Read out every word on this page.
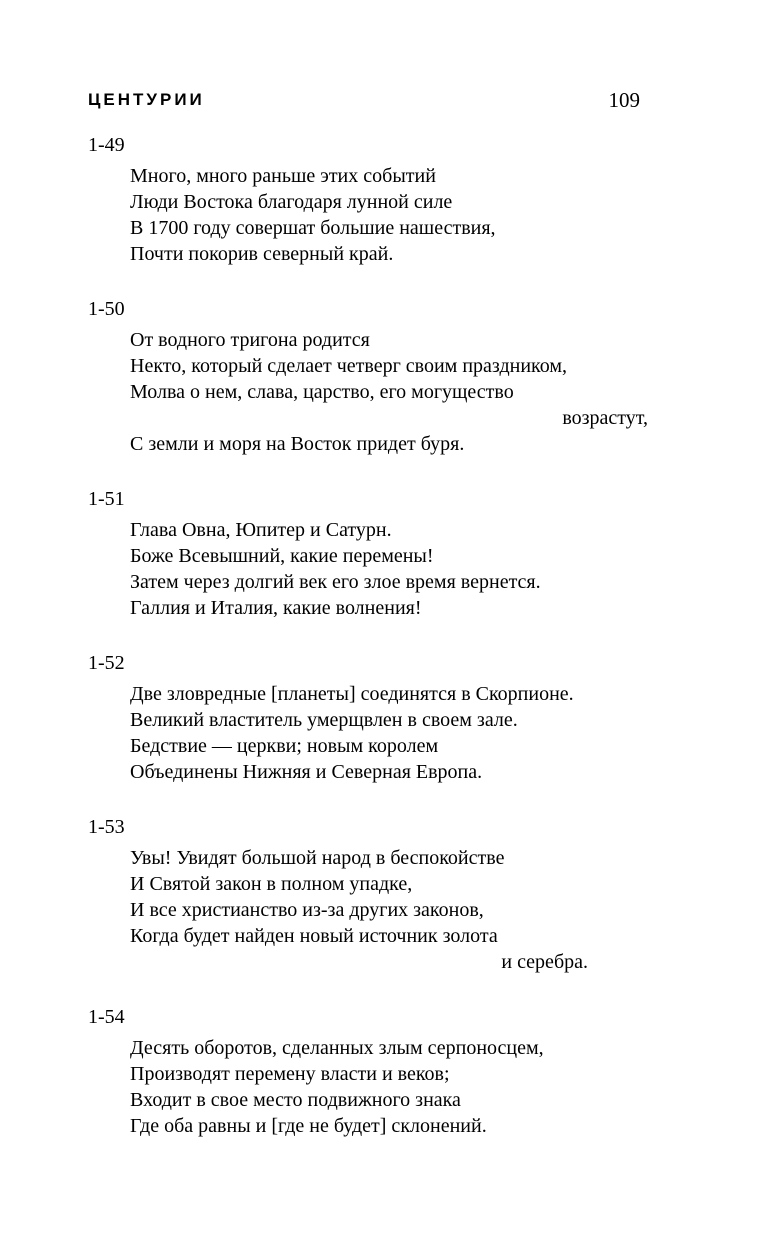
ЦЕНТУРИИ	109
1-49
Много, много раньше этих событий
Люди Востока благодаря лунной силе
В 1700 году совершат большие нашествия,
Почти покорив северный край.
1-50
От водного тригона родится
Некто, который сделает четверг своим праздником,
Молва о нем, слава, царство, его могущество
возрастут,
С земли и моря на Восток придет буря.
1-51
Глава Овна, Юпитер и Сатурн.
Боже Всевышний, какие перемены!
Затем через долгий век его злое время вернется.
Галлия и Италия, какие волнения!
1-52
Две зловредные [планеты] соединятся в Скорпионе.
Великий властитель умерщвлен в своем зале.
Бедствие — церкви; новым королем
Объединены Нижняя и Северная Европа.
1-53
Увы! Увидят большой народ в беспокойстве
И Святой закон в полном упадке,
И все христианство из-за других законов,
Когда будет найден новый источник золота
и серебра.
1-54
Десять оборотов, сделанных злым серпоносцем,
Производят перемену власти и веков;
Входит в свое место подвижного знака
Где оба равны и [где не будет] склонений.
